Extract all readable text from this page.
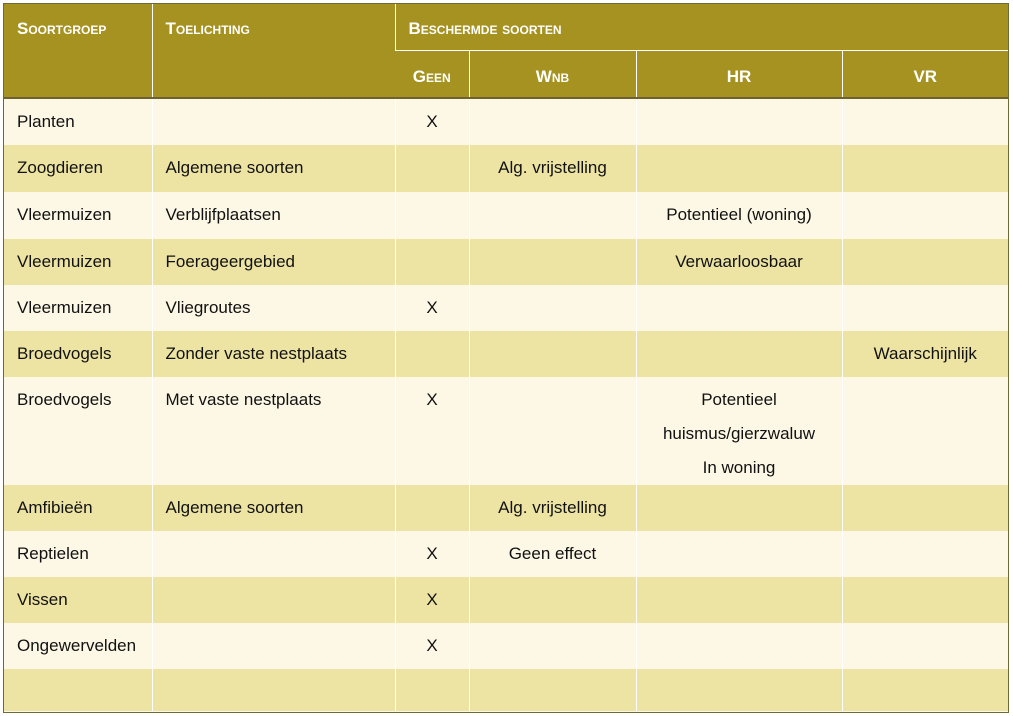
Soortgroep	Toelichting	Beschermde soorten			
		Geen	Wnb	HR	VR

Planten		X			

Zoogdieren	Algemene soorten		Alg. vrijstelling		

Vleermuizen	Verblijfplaatsen			Potentieel (woning)	

Vleermuizen	Foerageergebied			Verwaarloosbaar	

Vleermuizen	Vliegroutes	X			

Broedvogels	Zonder vaste nestplaats				Waarschijnlijk

Broedvogels	Met vaste nestplaats	X		Potentieel
huismus/gierzwaluw
In woning	

Amfibieën	Algemene soorten		Alg. vrijstelling		

Reptielen		X	Geen effect		

Vissen		X			

Ongewervelden		X			
